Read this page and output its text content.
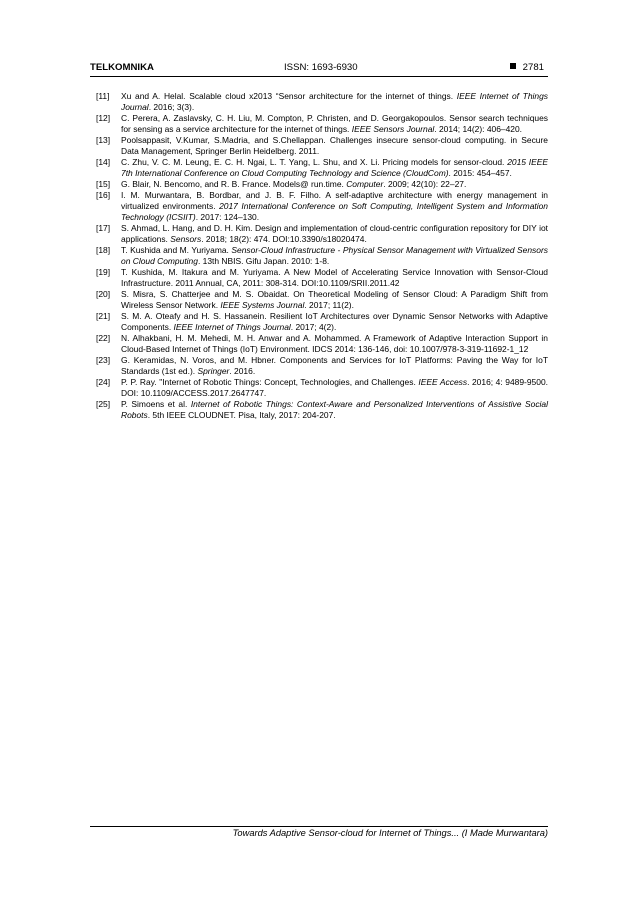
TELKOMNIKA	ISSN: 1693-6930	2781
[11]	Xu and A. Helal. Scalable cloud x2013 “Sensor architecture for the internet of things. IEEE Internet of Things Journal. 2016; 3(3).
[12]	C. Perera, A. Zaslavsky, C. H. Liu, M. Compton, P. Christen, and D. Georgakopoulos. Sensor search techniques for sensing as a service architecture for the internet of things. IEEE Sensors Journal. 2014; 14(2): 406–420.
[13]	Poolsappasit, V.Kumar, S.Madria, and S.Chellappan. Challenges insecure sensor-cloud computing. in Secure Data Management, Springer Berlin Heidelberg. 2011.
[14]	C. Zhu, V. C. M. Leung, E. C. H. Ngai, L. T. Yang, L. Shu, and X. Li. Pricing models for sensor-cloud. 2015 IEEE 7th International Conference on Cloud Computing Technology and Science (CloudCom). 2015: 454–457.
[15]	G. Blair, N. Bencomo, and R. B. France. Models@ run.time. Computer. 2009; 42(10): 22–27.
[16]	I. M. Murwantara, B. Bordbar, and J. B. F. Filho. A self-adaptive architecture with energy management in virtualized environments. 2017 International Conference on Soft Computing, Intelligent System and Information Technology (ICSIIT). 2017: 124–130.
[17]	S. Ahmad, L. Hang, and D. H. Kim. Design and implementation of cloud-centric configuration repository for DIY iot applications. Sensors. 2018; 18(2): 474. DOI:10.3390/s18020474.
[18]	T. Kushida and M. Yuriyama. Sensor-Cloud Infrastructure - Physical Sensor Management with Virtualized Sensors on Cloud Computing. 13th NBIS. Gifu Japan. 2010: 1-8.
[19]	T. Kushida, M. Itakura and M. Yuriyama. A New Model of Accelerating Service Innovation with Sensor-Cloud Infrastructure. 2011 Annual, CA, 2011: 308-314. DOI:10.1109/SRII.2011.42
[20]	S. Misra, S. Chatterjee and M. S. Obaidat. On Theoretical Modeling of Sensor Cloud: A Paradigm Shift from Wireless Sensor Network. IEEE Systems Journal. 2017; 11(2).
[21]	S. M. A. Oteafy and H. S. Hassanein. Resilient IoT Architectures over Dynamic Sensor Networks with Adaptive Components. IEEE Internet of Things Journal. 2017; 4(2).
[22]	N. Alhakbani, H. M. Mehedi, M. H. Anwar and A. Mohammed. A Framework of Adaptive Interaction Support in Cloud-Based Internet of Things (IoT) Environment. IDCS 2014: 136-146, doi: 10.1007/978-3-319-11692-1_12
[23]	G. Keramidas, N. Voros, and M. Hbner. Components and Services for IoT Platforms: Paving the Way for IoT Standards (1st ed.). Springer. 2016.
[24]	P. P. Ray. "Internet of Robotic Things: Concept, Technologies, and Challenges. IEEE Access. 2016; 4: 9489-9500. DOI: 10.1109/ACCESS.2017.2647747.
[25]	P. Simoens et al. Internet of Robotic Things: Context-Aware and Personalized Interventions of Assistive Social Robots. 5th IEEE CLOUDNET. Pisa, Italy, 2017: 204-207.
Towards Adaptive Sensor-cloud for Internet of Things... (I Made Murwantara)
